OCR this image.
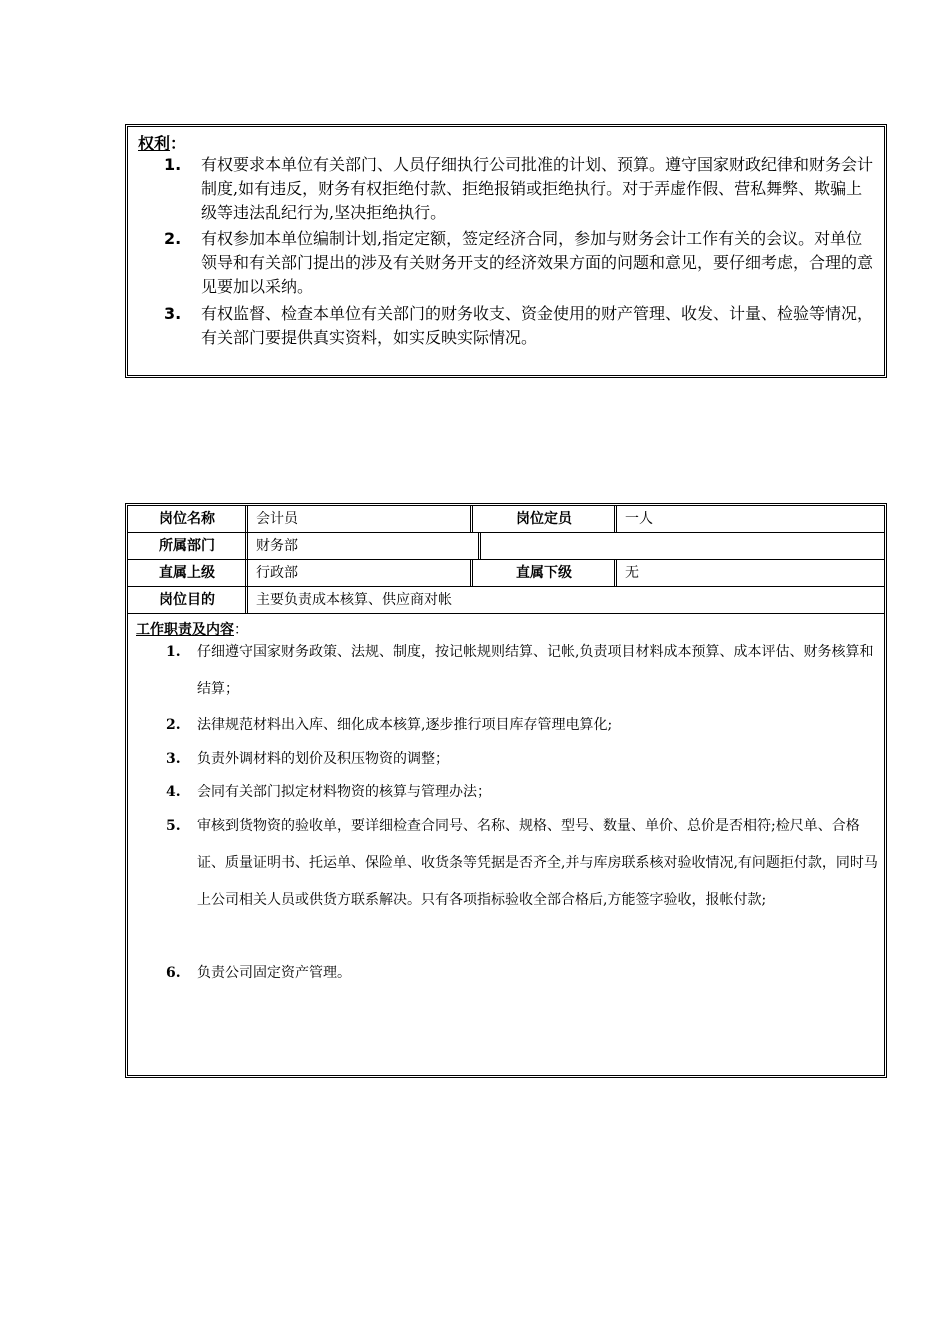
权利：
1.	有权要求本单位有关部门、人员仔细执行公司批准的计划、预算。遵守国家财政纪律和财务会计制度,如有违反，财务有权拒绝付款、拒绝报销或拒绝执行。对于弄虚作假、营私舞弊、欺骗上级等违法乱纪行为,坚决拒绝执行。
2.	有权参加本单位编制计划,指定定额，签定经济合同，参加与财务会计工作有关的会议。对单位领导和有关部门提出的涉及有关财务开支的经济效果方面的问题和意见，要仔细考虑，合理的意见要加以采纳。
3.	有权监督、检查本单位有关部门的财务收支、资金使用的财产管理、收发、计量、检验等情况，有关部门要提供真实资料，如实反映实际情况。
岗位名称	会计员	岗位定员	一人
所属部门	财务部
直属上级	行政部	直属下级	无
岗位目的	主要负责成本核算、供应商对帐
工作职责及内容：
1. 仔细遵守国家财务政策、法规、制度，按记帐规则结算、记帐,负责项目材料成本预算、成本评估、财务核算和结算；
2. 法律规范材料出入库、细化成本核算,逐步推行项目库存管理电算化;
3. 负责外调材料的划价及积压物资的调整；
4. 会同有关部门拟定材料物资的核算与管理办法；
5. 审核到货物资的验收单，要详细检查合同号、名称、规格、型号、数量、单价、总价是否相符;检尺单、合格证、质量证明书、托运单、保险单、收货条等凭据是否齐全,并与库房联系核对验收情况,有问题拒付款，同时马上公司相关人员或供货方联系解决。只有各项指标验收全部合格后,方能签字验收，报帐付款;
6. 负责公司固定资产管理。
